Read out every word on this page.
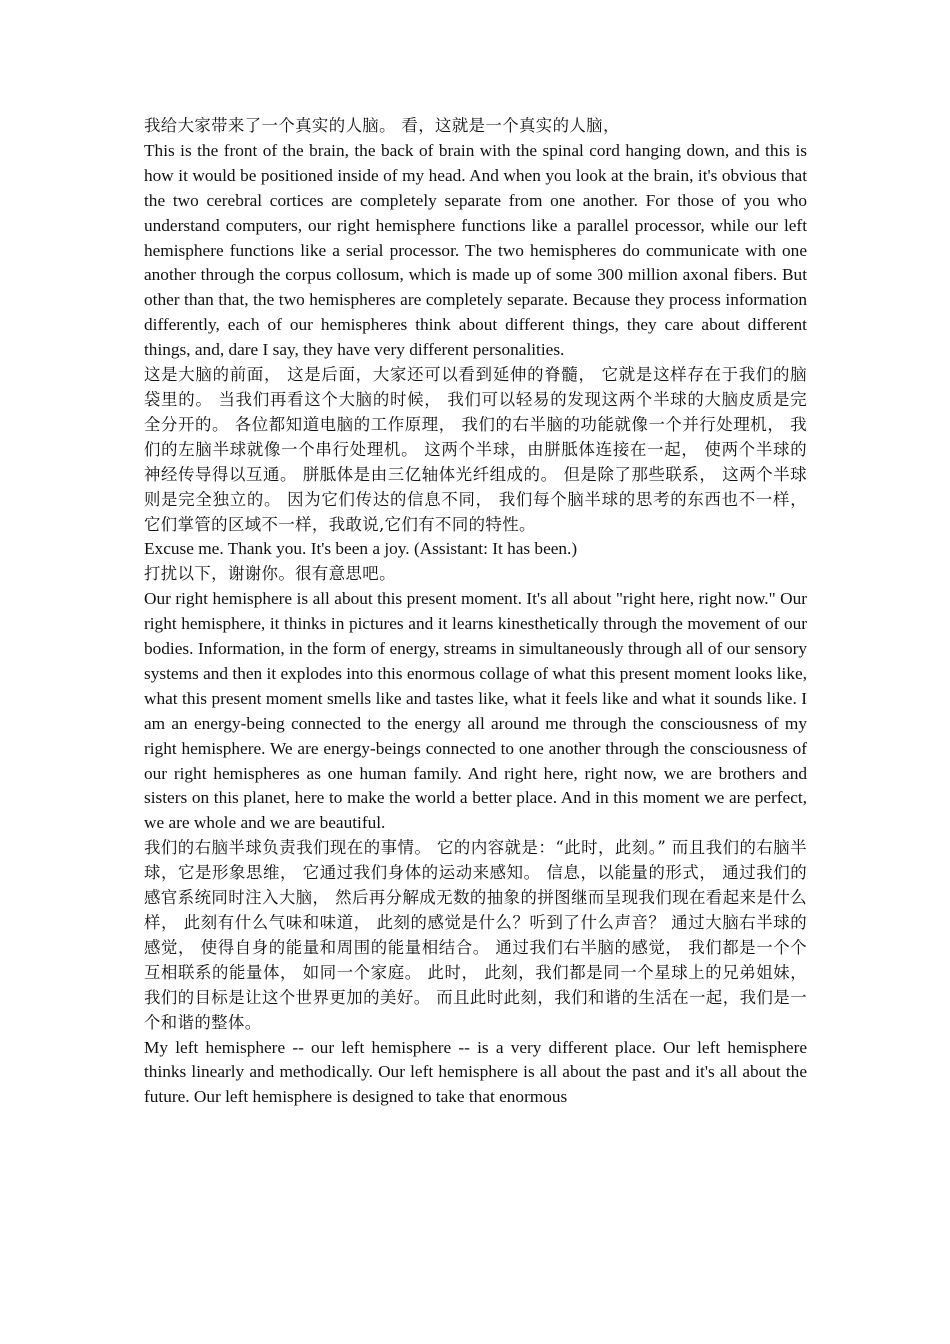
我给大家带来了一个真实的人脑。 看，这就是一个真实的人脑，

This is the front of the brain, the back of brain with the spinal cord hanging down, and this is how it would be positioned inside of my head. And when you look at the brain, it's obvious that the two cerebral cortices are completely separate from one another. For those of you who understand computers, our right hemisphere functions like a parallel processor, while our left hemisphere functions like a serial processor. The two hemispheres do communicate with one another through the corpus collosum, which is made up of some 300 million axonal fibers. But other than that, the two hemispheres are completely separate. Because they process information differently, each of our hemispheres think about different things, they care about different things, and, dare I say, they have very different personalities.

这是大脑的前面， 这是后面，大家还可以看到延伸的脊髓， 它就是这样存在于我们的脑袋里的。 当我们再看这个大脑的时候， 我们可以轻易的发现这两个半球的大脑皮质是完全分开的。 各位都知道电脑的工作原理， 我们的右半脑的功能就像一个并行处理机， 我们的左脑半球就像一个串行处理机。 这两个半球，由胼胝体连接在一起， 使两个半球的神经传导得以互通。 胼胝体是由三亿轴体光纤组成的。 但是除了那些联系， 这两个半球则是完全独立的。 因为它们传达的信息不同， 我们每个脑半球的思考的东西也不一样， 它们掌管的区域不一样，我敢说,它们有不同的特性。

Excuse me. Thank you. It's been a joy. (Assistant: It has been.)

打扰以下，谢谢你。很有意思吧。

Our right hemisphere is all about this present moment. It's all about "right here, right now." Our right hemisphere, it thinks in pictures and it learns kinesthetically through the movement of our bodies. Information, in the form of energy, streams in simultaneously through all of our sensory systems and then it explodes into this enormous collage of what this present moment looks like, what this present moment smells like and tastes like, what it feels like and what it sounds like. I am an energy-being connected to the energy all around me through the consciousness of my right hemisphere. We are energy-beings connected to one another through the consciousness of our right hemispheres as one human family. And right here, right now, we are brothers and sisters on this planet, here to make the world a better place. And in this moment we are perfect, we are whole and we are beautiful.

我们的右脑半球负责我们现在的事情。 它的内容就是：“此时，此刻。” 而且我们的右脑半球，它是形象思维， 它通过我们身体的运动来感知。 信息，以能量的形式， 通过我们的感官系统同时注入大脑， 然后再分解成无数的抽象的拼图继而呈现我们现在看起来是什么样， 此刻有什么气味和味道， 此刻的感觉是什么？听到了什么声音？ 通过大脑右半球的感觉， 使得自身的能量和周围的能量相结合。 通过我们右半脑的感觉， 我们都是一个个互相联系的能量体， 如同一个家庭。 此时， 此刻，我们都是同一个星球上的兄弟姐妹， 我们的目标是让这个世界更加的美好。 而且此时此刻，我们和谐的生活在一起，我们是一个和谐的整体。

My left hemisphere -- our left hemisphere -- is a very different place. Our left hemisphere thinks linearly and methodically. Our left hemisphere is all about the past and it's all about the future. Our left hemisphere is designed to take that enormous
